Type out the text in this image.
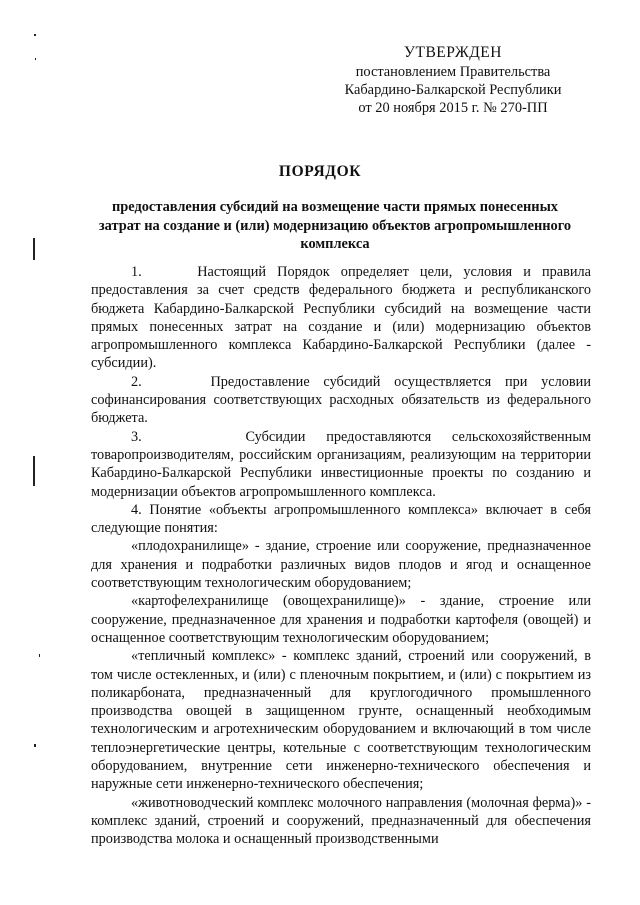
УТВЕРЖДЕН
постановлением Правительства
Кабардино-Балкарской Республики
от 20 ноября 2015 г. № 270-ПП
ПОРЯДОК
предоставления субсидий на возмещение части прямых понесенных затрат на создание и (или) модернизацию объектов агропромышленного комплекса

1.     Настоящий Порядок определяет цели, условия и правила предоставления за счет средств федерального бюджета и республиканского бюджета Кабардино-Балкарской Республики субсидий на возмещение части прямых понесенных затрат на создание и (или) модернизацию объектов агропромышленного комплекса Кабардино-Балкарской Республики (далее - субсидии).

2.     Предоставление субсидий осуществляется при условии софинансирования соответствующих расходных обязательств из федерального бюджета.

3.     Субсидии предоставляются сельскохозяйственным товаропроизводителям, российским организациям, реализующим на территории Кабардино-Балкарской Республики инвестиционные проекты по созданию и модернизации объектов агропромышленного комплекса.

4. Понятие «объекты агропромышленного комплекса» включает в себя следующие понятия:

«плодохранилище» - здание, строение или сооружение, предназначенное для хранения и подработки различных видов плодов и ягод и оснащенное соответствующим технологическим оборудованием;

«картофелехранилище (овощехранилище)» - здание, строение или сооружение, предназначенное для хранения и подработки картофеля (овощей) и оснащенное соответствующим технологическим оборудованием;

«тепличный комплекс» - комплекс зданий, строений или сооружений, в том числе остекленных, и (или) с пленочным покрытием, и (или) с покрытием из поликарбоната, предназначенный для круглогодичного промышленного производства овощей в защищенном грунте, оснащенный необходимым технологическим и агротехническим оборудованием и включающий в том числе теплоэнергетические центры, котельные с соответствующим технологическим оборудованием, внутренние сети инженерно-технического обеспечения и наружные сети инженерно-технического обеспечения;

«животноводческий комплекс молочного направления (молочная ферма)» - комплекс зданий, строений и сооружений, предназначенный для обеспечения производства молока и оснащенный производственными
